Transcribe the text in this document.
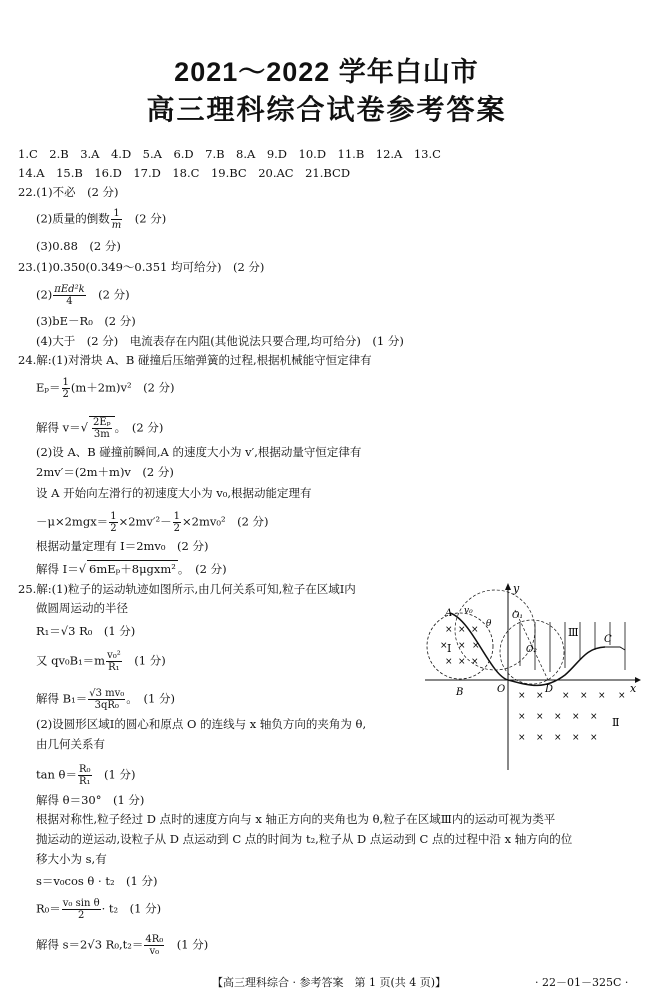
2021～2022 学年白山市
高三理科综合试卷参考答案
1.C　2.B　3.A　4.D　5.A　6.D　7.B　8.A　9.D　10.D　11.B　12.A　13.C
14.A　15.B　16.D　17.D　18.C　19.BC　20.AC　21.BCD
22.(1)不必　(2 分)
(2)质量的倒数 $\frac{1}{m}$
　 (2 分)
(3)0.88　(2 分)
23.(1)0.350(0.349～0.351 均可给分)　(2 分)
$(2) \frac{\text{πEd²k}}{4}$
　 (2 分)
(3)bE－R₀　(2 分)
(4)大于　(2 分)　电流表存在内阻(其他说法只要合理,均可给分)　(1 分)
24.解:(1)对滑块 A、B 碰撞后压缩弹簧的过程,根据机械能守恒定律有
$E_p= \frac{1}{2} (m+2m)v^2$　(2 分)
解得 $v=√ \frac{\text{2Eₚ}}{3m}$ 。　(2 分)
(2)设 A、B 碰撞前瞬间,A 的速度大小为 v′,根据动量守恒定律有
2mv′＝(2m＋m)v　(2 分)
设 A 开始向左滑行的初速度大小为 v₀,根据动能定理有
$-\mu\times 2mgx= \frac{1}{2} \times 2mv'^2- \frac{1}{2} \times 2mv_0^2$　(2 分)
根据动量定理有 I＝2mv₀　(2 分)
解得 I＝√ 6mEₚ＋8μgxm² 。　(2 分)
25.解:(1)粒子的运动轨迹如图所示,由几何关系可知,粒子在区域Ⅰ内
做圆周运动的半径
R₁＝√3 R₀　(1 分)
又 $qv_0B_1=m \frac{\text{v₀²}}{\text{R₁}}$
　 (1 分)
解得 $B_1= \frac{\text{√3 mv₀}}{\text{3qR₀}}$ 。　(1 分)
(2)设圆形区域Ⅰ的圆心和原点 O 的连线与 x 轴负方向的夹角为 θ,
由几何关系有
$\tan \theta= \frac{\text{R₀}}{\text{R₁}}$
　 (1 分)
解得 θ＝30°　(1 分)
根据对称性,粒子经过 D 点时的速度方向与 x 轴正方向的夹角也为 θ,粒子在区域Ⅲ内的运动可视为类平
抛运动的逆运动,设粒子从 D 点运动到 C 点的时间为 t₂,粒子从 D 点运动到 C 点的过程中沿 x 轴方向的位
移大小为 s,有
s＝v₀cos θ · t₂　(1 分)
$R_0= \frac{\text{v₀ sin θ}}{2} \cdot t_2$　(1 分)
解得 s＝2√3 $R_0,t_2= \frac{\text{4R₀}}{\text{v₀}}$
　 (1 分)
y
x
A v₀
θ
O₁
O₂
Ⅰ
Ⅲ
Ⅱ
C
B	O	D
× × ×
× × ×
× × ×
× × × × × ×
× × × × ×
× × × × ×
【高三理科综合 · 参考答案　第 1 页(共 4 页)】	· 22－01－325C ·
